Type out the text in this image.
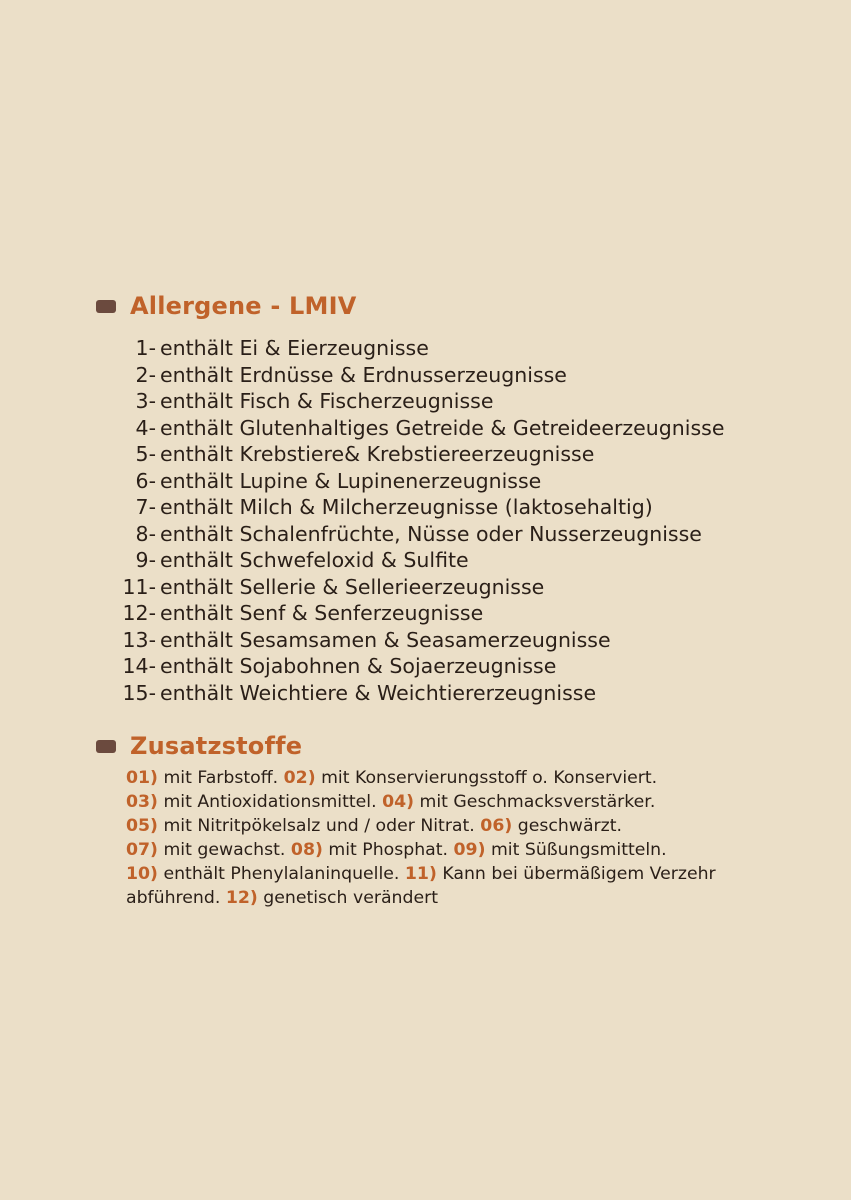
Allergene - LMIV
1- enthält Ei & Eierzeugnisse
2- enthält Erdnüsse & Erdnusserzeugnisse
3- enthält Fisch & Fischerzeugnisse
4- enthält Glutenhaltiges Getreide & Getreideerzeugnisse
5- enthält Krebstiere& Krebstiereerzeugnisse
6- enthält Lupine & Lupinenerzeugnisse
7- enthält Milch & Milcherzeugnisse (laktosehaltig)
8- enthält Schalenfrüchte, Nüsse oder Nusserzeugnisse
9- enthält Schwefeloxid & Sulfite
11- enthält Sellerie & Sellerieerzeugnisse
12- enthält Senf & Senferzeugnisse
13- enthält Sesamsamen & Seasamerzeugnisse
14- enthält Sojabohnen & Sojaerzeugnisse
15- enthält Weichtiere & Weichtiererzeugnisse
Zusatzstoffe
01) mit Farbstoff. 02) mit Konservierungsstoff o. Konserviert.
03) mit Antioxidationsmittel. 04) mit Geschmacksverstärker.
05) mit Nitritpökelsalz und / oder Nitrat. 06) geschwärzt.
07) mit gewachst. 08) mit Phosphat. 09) mit Süßungsmitteln.
10) enthält Phenylalaninquelle. 11) Kann bei übermäßigem Verzehr abführend. 12) genetisch verändert
